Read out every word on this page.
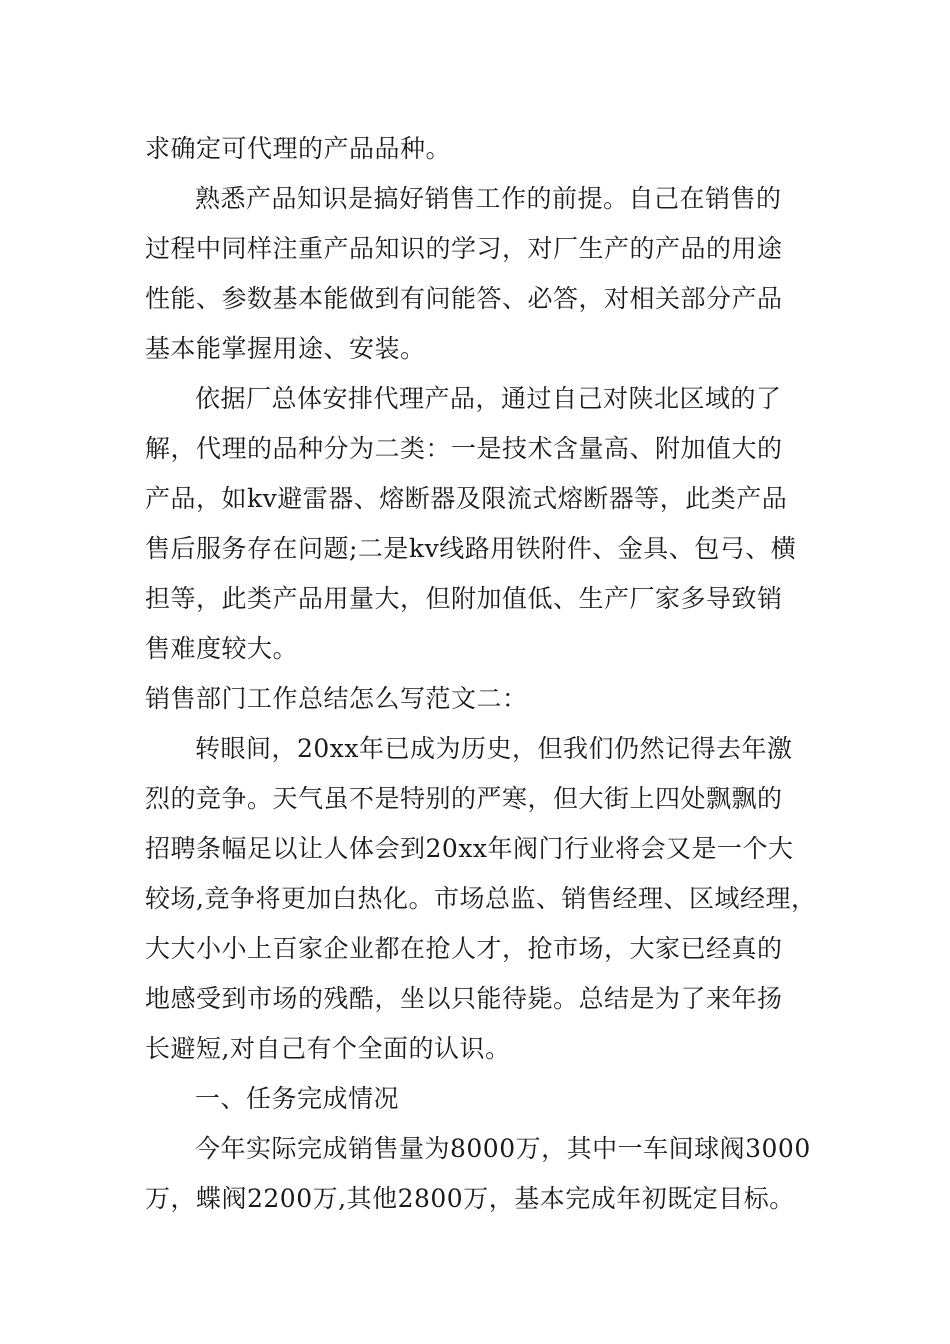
求确定可代理的产品品种。
熟悉产品知识是搞好销售工作的前提。自己在销售的
过程中同样注重产品知识的学习，对厂生产的产品的用途
性能、参数基本能做到有问能答、必答，对相关部分产品
基本能掌握用途、安装。
依据厂总体安排代理产品，通过自己对陕北区域的了
解，代理的品种分为二类：一是技术含量高、附加值大的
产品，如kv避雷器、熔断器及限流式熔断器等，此类产品
售后服务存在问题;二是kv线路用铁附件、金具、包弓、横
担等，此类产品用量大，但附加值低、生产厂家多导致销
售难度较大。
销售部门工作总结怎么写范文二：
转眼间，20xx年已成为历史，但我们仍然记得去年激
烈的竞争。天气虽不是特别的严寒，但大街上四处飘飘的
招聘条幅足以让人体会到20xx年阀门行业将会又是一个大
较场,竞争将更加白热化。市场总监、销售经理、区域经理，
大大小小上百家企业都在抢人才，抢市场，大家已经真的
地感受到市场的残酷，坐以只能待毙。总结是为了来年扬
长避短,对自己有个全面的认识。
一、任务完成情况
今年实际完成销售量为8000万，其中一车间球阀3000
万，蝶阀2200万,其他2800万，基本完成年初既定目标。
